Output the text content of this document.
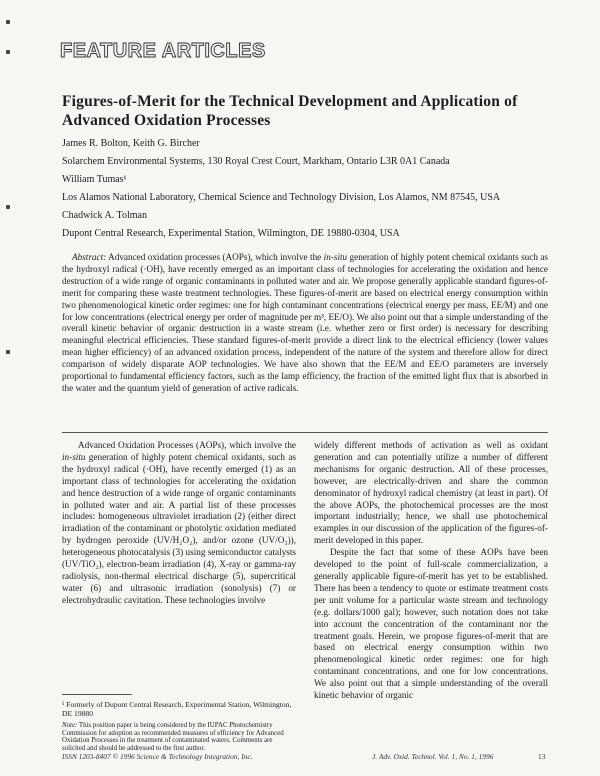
FEATURE ARTICLES
Figures-of-Merit for the Technical Development and Application of Advanced Oxidation Processes
James R. Bolton, Keith G. Bircher
Solarchem Environmental Systems, 130 Royal Crest Court, Markham, Ontario L3R 0A1 Canada
William Tumas¹
Los Alamos National Laboratory, Chemical Science and Technology Division, Los Alamos, NM 87545, USA
Chadwick A. Tolman
Dupont Central Research, Experimental Station, Wilmington, DE 19880-0304, USA
Abstract: Advanced oxidation processes (AOPs), which involve the in-situ generation of highly potent chemical oxidants such as the hydroxyl radical (·OH), have recently emerged as an important class of technologies for accelerating the oxidation and hence destruction of a wide range of organic contaminants in polluted water and air. We propose generally applicable standard figures-of-merit for comparing these waste treatment technologies. These figures-of-merit are based on electrical energy consumption within two phenomenological kinetic order regimes: one for high contaminant concentrations (electrical energy per mass, EE/M) and one for low concentrations (electrical energy per order of magnitude per m³, EE/O). We also point out that a simple understanding of the overall kinetic behavior of organic destruction in a waste stream (i.e. whether zero or first order) is necessary for describing meaningful electrical efficiencies. These standard figures-of-merit provide a direct link to the electrical efficiency (lower values mean higher efficiency) of an advanced oxidation process, independent of the nature of the system and therefore allow for direct comparison of widely disparate AOP technologies. We have also shown that the EE/M and EE/O parameters are inversely proportional to fundamental efficiency factors, such as the lamp efficiency, the fraction of the emitted light flux that is absorbed in the water and the quantum yield of generation of active radicals.

Advanced Oxidation Processes (AOPs), which involve the in-situ generation of highly potent chemical oxidants, such as the hydroxyl radical (·OH), have recently emerged (1) as an important class of technologies for accelerating the oxidation and hence destruction of a wide range of organic contaminants in polluted water and air. A partial list of these processes includes: homogeneous ultraviolet irradiation (2) (either direct irradiation of the contaminant or photolytic oxidation mediated by hydrogen peroxide (UV/H₂O₂), and/or ozone (UV/O₃)), heterogeneous photocatalysis (3) using semiconductor catalysts (UV/TiO₂), electron-beam irradiation (4), X-ray or gamma-ray radiolysis, non-thermal electrical discharge (5), supercritical water (6) and ultrasonic irradiation (sonolysis) (7) or electrohydraulic cavitation. These technologies involve

widely different methods of activation as well as oxidant generation and can potentially utilize a number of different mechanisms for organic destruction. All of these processes, however, are electrically-driven and share the common denominator of hydroxyl radical chemistry (at least in part). Of the above AOPs, the photochemical processes are the most important industrially; hence, we shall use photochemical examples in our discussion of the application of the figures-of-merit developed in this paper.

Despite the fact that some of these AOPs have been developed to the point of full-scale commercialization, a generally applicable figure-of-merit has yet to be established. There has been a tendency to quote or estimate treatment costs per unit volume for a particular waste stream and technology (e.g. dollars/1000 gal); however, such notation does not take into account the concentration of the contaminant nor the treatment goals. Herein, we propose figures-of-merit that are based on electrical energy consumption within two phenomenological kinetic order regimes: one for high contaminant concentrations, and one for low concentrations. We also point out that a simple understanding of the overall kinetic behavior of organic

¹ Formerly of Dupont Central Research, Experimental Station, Wilmington, DE 19880
Note: This position paper is being considered by the IUPAC Photochemistry Commission for adoption as recommended measures of efficiency for Advanced Oxidation Processes in the treatment of contaminated waters. Comments are solicited and should be addressed to the first author.
ISSN 1203-8407 © 1996 Science & Technology Integration, Inc.	J. Adv. Oxid. Technol. Vol. 1, No. 1, 1996	13
